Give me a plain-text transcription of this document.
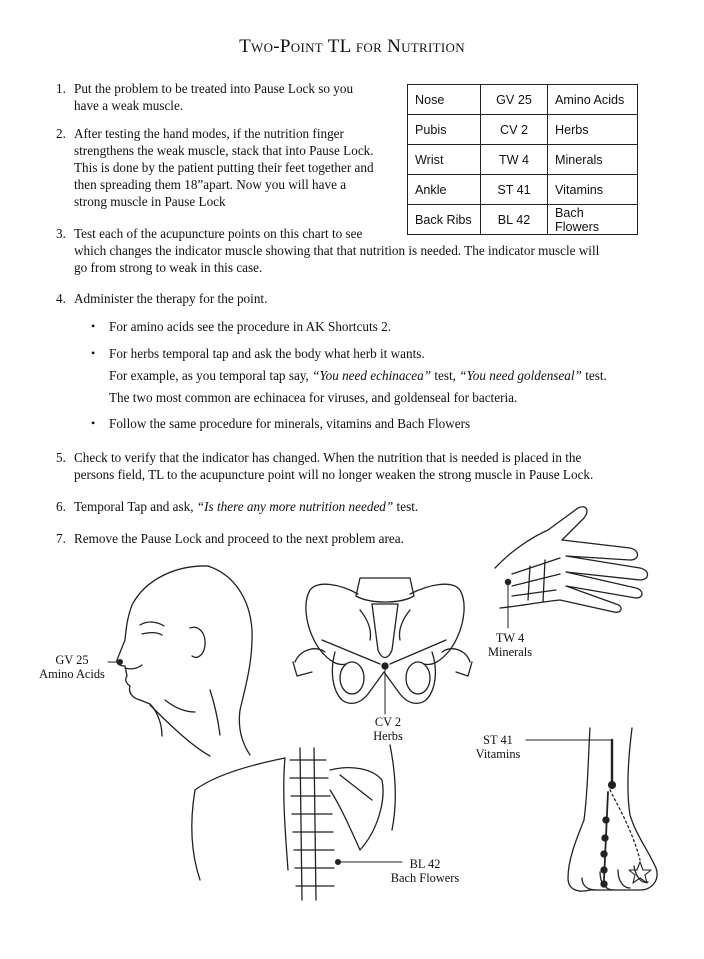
Two-Point TL for Nutrition
1. Put the problem to be treated into Pause Lock so you
have a weak muscle.
2. After testing the hand modes, if the nutrition finger
strengthens the weak muscle, stack that into Pause Lock.
This is done by the patient putting their feet together and
then spreading them 18”apart. Now you will have a
strong muscle in Pause Lock
3. Test each of the acupuncture points on this chart to see
which changes the indicator muscle showing that that nutrition is needed. The indicator muscle will
go from strong to weak in this case.
4. Administer the therapy for the point.
• For amino acids see the procedure in AK Shortcuts 2.
• For herbs temporal tap and ask the body what herb it wants.
For example, as you temporal tap say, “You need echinacea” test, “You need goldenseal” test.
The two most common are echinacea for viruses, and goldenseal for bacteria.
• Follow the same procedure for minerals, vitamins and Bach Flowers
5. Check to verify that the indicator has changed. When the nutrition that is needed is placed in the
persons field, TL to the acupuncture point will no longer weaken the strong muscle in Pause Lock.
6. Temporal Tap and ask, “Is there any more nutrition needed” test.
7. Remove the Pause Lock and proceed to the next problem area.
Nose	GV 25	Amino Acids
Pubis	CV 2	Herbs
Wrist	TW 4	Minerals
Ankle	ST 41	Vitamins
Back Ribs	BL 42	Bach Flowers
GV 25
Amino Acids
CV 2
Herbs
TW 4
Minerals
ST 41
Vitamins
BL 42
Bach Flowers
